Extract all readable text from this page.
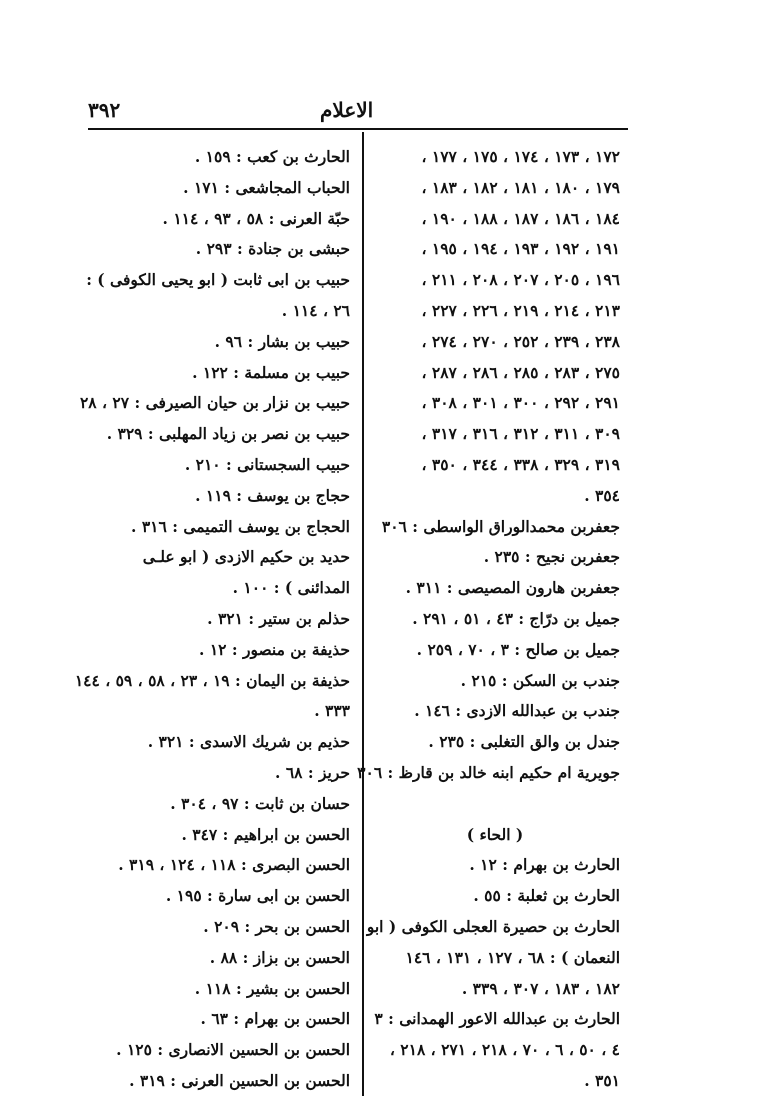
٣٩٢	الاعلام
١٧٢ ، ١٧٣ ، ١٧٤ ، ١٧٥ ، ١٧٧ ،
١٧٩ ، ١٨٠ ، ١٨١ ، ١٨٢ ، ١٨٣ ،
١٨٤ ، ١٨٦ ، ١٨٧ ، ١٨٨ ، ١٩٠ ،
١٩١ ، ١٩٢ ، ١٩٣ ، ١٩٤ ، ١٩٥ ،
١٩٦ ، ٢٠٥ ، ٢٠٧ ، ٢٠٨ ، ٢١١ ،
٢١٣ ، ٢١٤ ، ٢١٩ ، ٢٢٦ ، ٢٢٧ ،
٢٣٨ ، ٢٣٩ ، ٢٥٢ ، ٢٧٠ ، ٢٧٤ ،
٢٧٥ ، ٢٨٣ ، ٢٨٥ ، ٢٨٦ ، ٢٨٧ ،
٢٩١ ، ٢٩٢ ، ٣٠٠ ، ٣٠١ ، ٣٠٨ ،
٣٠٩ ، ٣١١ ، ٣١٢ ، ٣١٦ ، ٣١٧ ،
٣١٩ ، ٣٢٩ ، ٣٣٨ ، ٣٤٤ ، ٣٥٠ ،
٣٥٤ .
جعفربن محمدالوراق الواسطى : ٣٠٦
جعفربن نجيح : ٢٣٥ .
جعفربن هارون المصيصى : ٣١١ .
جميل بن درّاج : ٤٣ ، ٥١ ، ٢٩١ .
جميل بن صالح : ٣ ، ٧٠ ، ٢٥٩ .
جندب بن السكن : ٢١٥ .
جندب بن عبدالله الازدى : ١٤٦ .
جندل بن والق التغلبى : ٢٣٥ .
جويرية ام حكيم ابنه خالد بن قارظ : ٣٠٦
( الحاء )
الحارث بن بهرام : ١٢ .
الحارث بن ثعلبة : ٥٥ .
الحارث بن حصيرة العجلى الكوفى ( ابو
النعمان ) : ٦٨ ، ١٢٧ ، ١٣١ ، ١٤٦
١٨٢ ، ١٨٣ ، ٣٠٧ ، ٣٣٩ .
الحارث بن عبدالله الاعور الهمدانى : ٣
٤ ، ٥٠ ، ٦ ، ٧٠ ، ٢١٨ ، ٢٧١ ، ٢١٨ ،
٣٥١ .
الحارث بن كعب : ١٥٩ .
الحباب المجاشعى : ١٧١ .
حبّة العرنى : ٥٨ ، ٩٣ ، ١١٤ .
حبشى بن جنادة : ٢٩٣ .
حبيب بن ابى ثابت ( ابو يحيى الكوفى ) :
٢٦ ، ١١٤ .
حبيب بن بشار : ٩٦ .
حبيب بن مسلمة : ١٢٢ .
حبيب بن نزار بن حيان الصيرفى : ٢٧ ، ٢٨
حبيب بن نصر بن زياد المهلبى : ٣٢٩ .
حبيب السجستانى : ٢١٠ .
حجاج بن يوسف : ١١٩ .
الحجاج بن يوسف التميمى : ٣١٦ .
حديد بن حكيم الازدى ( ابو علـى
المدائنى ) : ١٠٠ .
حذلم بن ستير : ٣٢١ .
حذيفة بن منصور : ١٢ .
حذيفة بن اليمان : ١٩ ، ٢٣ ، ٥٨ ، ٥٩ ، ١٤٤
٣٣٣ .
حذيم بن شريك الاسدى : ٣٢١ .
حريز : ٦٨ .
حسان بن ثابت : ٩٧ ، ٣٠٤ .
الحسن بن ابراهيم : ٣٤٧ .
الحسن البصرى : ١١٨ ، ١٢٤ ، ٣١٩ .
الحسن بن ابى سارة : ١٩٥ .
الحسن بن بحر : ٢٠٩ .
الحسن بن بزاز : ٨٨ .
الحسن بن بشير : ١١٨ .
الحسن بن بهرام : ٦٣ .
الحسن بن الحسين الانصارى : ١٢٥ .
الحسن بن الحسين العرنى : ٣١٩ .
